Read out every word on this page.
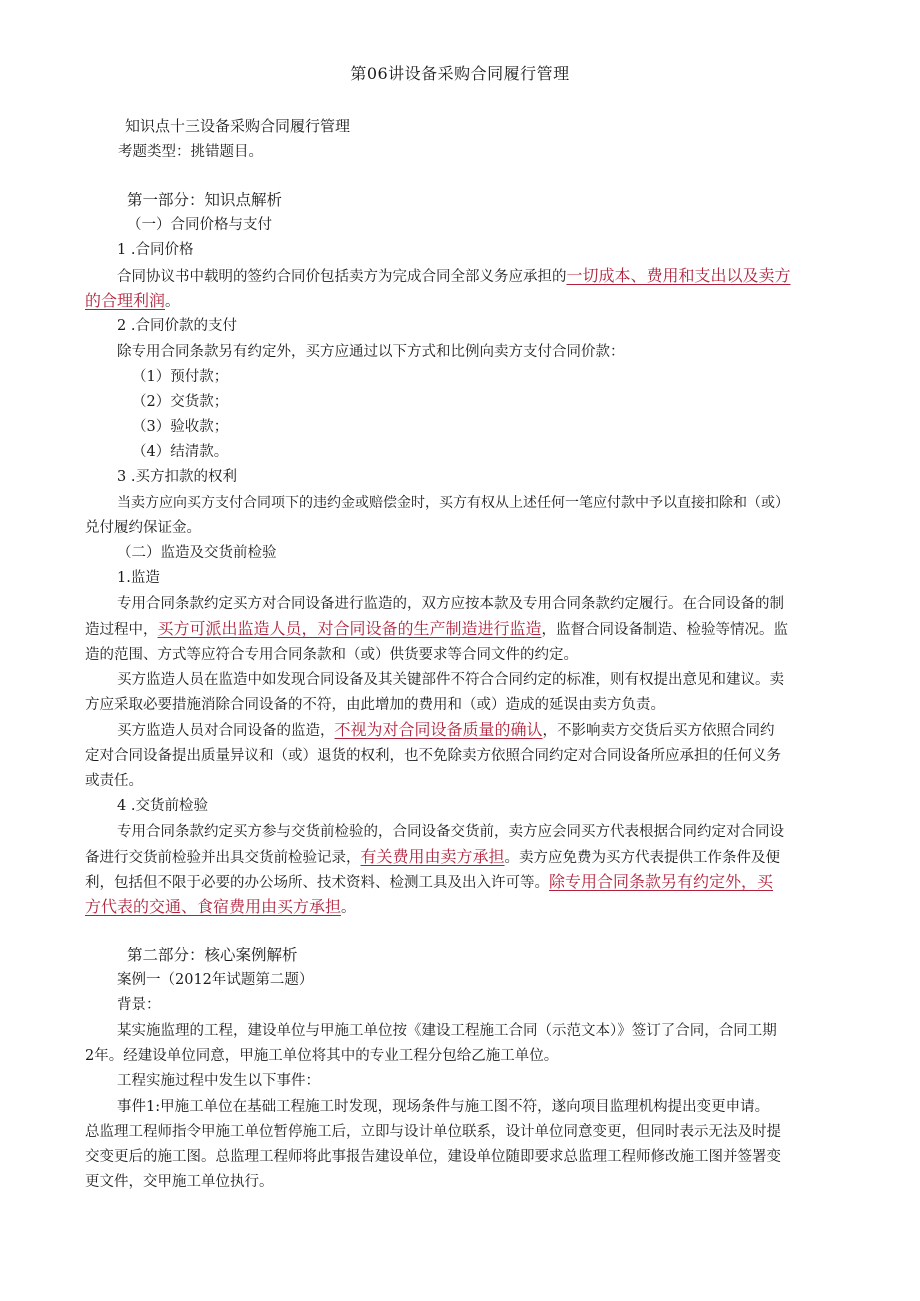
第06讲设备采购合同履行管理
知识点十三设备采购合同履行管理
考题类型：挑错题目。
第一部分：知识点解析
（一）合同价格与支付
1 .合同价格
合同协议书中载明的签约合同价包括卖方为完成合同全部义务应承担的一切成本、费用和支出以及卖方
的合理利润。
2 .合同价款的支付
除专用合同条款另有约定外，买方应通过以下方式和比例向卖方支付合同价款：
（1）预付款；
（2）交货款；
（3）验收款；
（4）结清款。
3 .买方扣款的权利
当卖方应向买方支付合同项下的违约金或赔偿金时，买方有权从上述任何一笔应付款中予以直接扣除和（或）
兑付履约保证金。
（二）监造及交货前检验
1.监造
专用合同条款约定买方对合同设备进行监造的，双方应按本款及专用合同条款约定履行。在合同设备的制
造过程中，买方可派出监造人员，对合同设备的生产制造进行监造，监督合同设备制造、检验等情况。监
造的范围、方式等应符合专用合同条款和（或）供货要求等合同文件的约定。
买方监造人员在监造中如发现合同设备及其关键部件不符合合同约定的标准，则有权提出意见和建议。卖
方应采取必要措施消除合同设备的不符，由此增加的费用和（或）造成的延误由卖方负责。
买方监造人员对合同设备的监造，不视为对合同设备质量的确认，不影响卖方交货后买方依照合同约
定对合同设备提出质量异议和（或）退货的权利，也不免除卖方依照合同约定对合同设备所应承担的任何义务
或责任。
4 .交货前检验
专用合同条款约定买方参与交货前检验的，合同设备交货前，卖方应会同买方代表根据合同约定对合同设
备进行交货前检验并出具交货前检验记录，有关费用由卖方承担。卖方应免费为买方代表提供工作条件及便
利，包括但不限于必要的办公场所、技术资料、检测工具及出入许可等。除专用合同条款另有约定外，买
方代表的交通、食宿费用由买方承担。
第二部分：核心案例解析
案例一（2012年试题第二题）
背景：
某实施监理的工程，建设单位与甲施工单位按《建设工程施工合同（示范文本）》签订了合同，合同工期
2年。经建设单位同意，甲施工单位将其中的专业工程分包给乙施工单位。
工程实施过程中发生以下事件：
事件1:甲施工单位在基础工程施工时发现，现场条件与施工图不符，遂向项目监理机构提出变更申请。
总监理工程师指令甲施工单位暂停施工后，立即与设计单位联系，设计单位同意变更，但同时表示无法及时提
交变更后的施工图。总监理工程师将此事报告建设单位，建设单位随即要求总监理工程师修改施工图并签署变
更文件，交甲施工单位执行。
